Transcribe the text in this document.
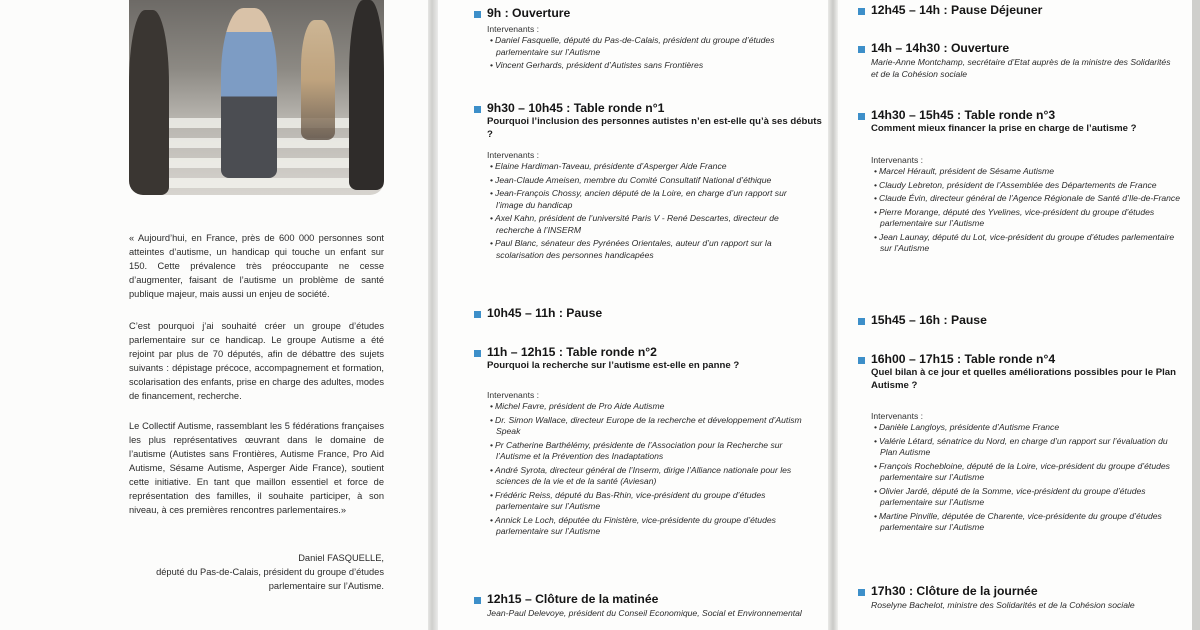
« Aujourd’hui, en France, près de 600 000 personnes sont atteintes d’autisme, un handicap qui touche un enfant sur 150. Cette prévalence très préoccupante ne cesse d’augmenter, faisant de l’autisme un problème de santé publique majeur, mais aussi un enjeu de société.

C’est pourquoi j’ai souhaité créer un groupe d’études parlementaire sur ce handicap. Le groupe Autisme a été rejoint par plus de 70 députés, afin de débattre des sujets suivants : dépistage précoce, accompagnement et formation, scolarisation des enfants, prise en charge des adultes, modes de financement, recherche.

Le Collectif Autisme, rassemblant les 5 fédérations françaises les plus représentatives œuvrant dans le domaine de l’autisme (Autistes sans Frontières, Autisme France, Pro Aid Autisme, Sésame Autisme, Asperger Aide France), soutient cette initiative. En tant que maillon essentiel et force de représentation des familles, il souhaite participer, à son niveau, à ces premières rencontres parlementaires.»

Daniel FASQUELLE,
député du Pas-de-Calais, président du groupe d’études
parlementaire sur l’Autisme.
9h : Ouverture
Intervenants :
• Daniel Fasquelle, député du Pas-de-Calais, président du groupe d’études parlementaire sur l’Autisme
• Vincent Gerhards, président d’Autistes sans Frontières
9h30 – 10h45 : Table ronde n°1
Pourquoi l’inclusion des personnes autistes n’en est-elle qu’à ses débuts ?
Intervenants :
• Elaine Hardiman-Taveau, présidente d’Asperger Aide France
• Jean-Claude Ameisen, membre du Comité Consultatif National d’éthique
• Jean-François Chossy, ancien député de la Loire, en charge d’un rapport sur l’image du handicap
• Axel Kahn, président de l’université Paris V - René Descartes, directeur de recherche à l’INSERM
• Paul Blanc, sénateur des Pyrénées Orientales, auteur d’un rapport sur la scolarisation des personnes handicapées
10h45 – 11h : Pause
11h – 12h15 : Table ronde n°2
Pourquoi la recherche sur l’autisme est-elle en panne ?
Intervenants :
• Michel Favre, président de Pro Aide Autisme
• Dr. Simon Wallace, directeur Europe de la recherche et développement d’Autism Speak
• Pr Catherine Barthélémy, présidente de l’Association pour la Recherche sur l’Autisme et la Prévention des Inadaptations
• André Syrota, directeur général de l’Inserm, dirige l’Alliance nationale pour les sciences de la vie et de la santé (Aviesan)
• Frédéric Reiss, député du Bas-Rhin, vice-président du groupe d’études parlementaire sur l’Autisme
• Annick Le Loch, députée du Finistère, vice-présidente du groupe d’études parlementaire sur l’Autisme
12h15 – Clôture de la matinée
Jean-Paul Delevoye, président du Conseil Economique, Social et Environnemental
12h45 – 14h : Pause Déjeuner
14h – 14h30 : Ouverture
Marie-Anne Montchamp, secrétaire d’Etat auprès de la ministre des Solidarités et de la Cohésion sociale
14h30 – 15h45 : Table ronde n°3
Comment mieux financer la prise en charge de l’autisme ?
Intervenants :
• Marcel Hérault, président de Sésame Autisme
• Claudy Lebreton, président de l’Assemblée des Départements de France
• Claude Évin, directeur général de l’Agence Régionale de Santé d’Ile-de-France
• Pierre Morange, député des Yvelines, vice-président du groupe d’études parlementaire sur l’Autisme
• Jean Launay, député du Lot, vice-président du groupe d’études parlementaire sur l’Autisme
15h45 – 16h : Pause
16h00 – 17h15 : Table ronde n°4
Quel bilan à ce jour et quelles améliorations possibles pour le Plan Autisme ?
Intervenants :
• Danièle Langloys, présidente d’Autisme France
• Valérie Létard, sénatrice du Nord, en charge d’un rapport sur l’évaluation du Plan Autisme
• François Rochebloine, député de la Loire, vice-président du groupe d’études parlementaire sur l’Autisme
• Olivier Jardé, député de la Somme, vice-président du groupe d’études parlementaire sur l’Autisme
• Martine Pinville, députée de Charente, vice-présidente du groupe d’études parlementaire sur l’Autisme
17h30 : Clôture de la journée
Roselyne Bachelot, ministre des Solidarités et de la Cohésion sociale
